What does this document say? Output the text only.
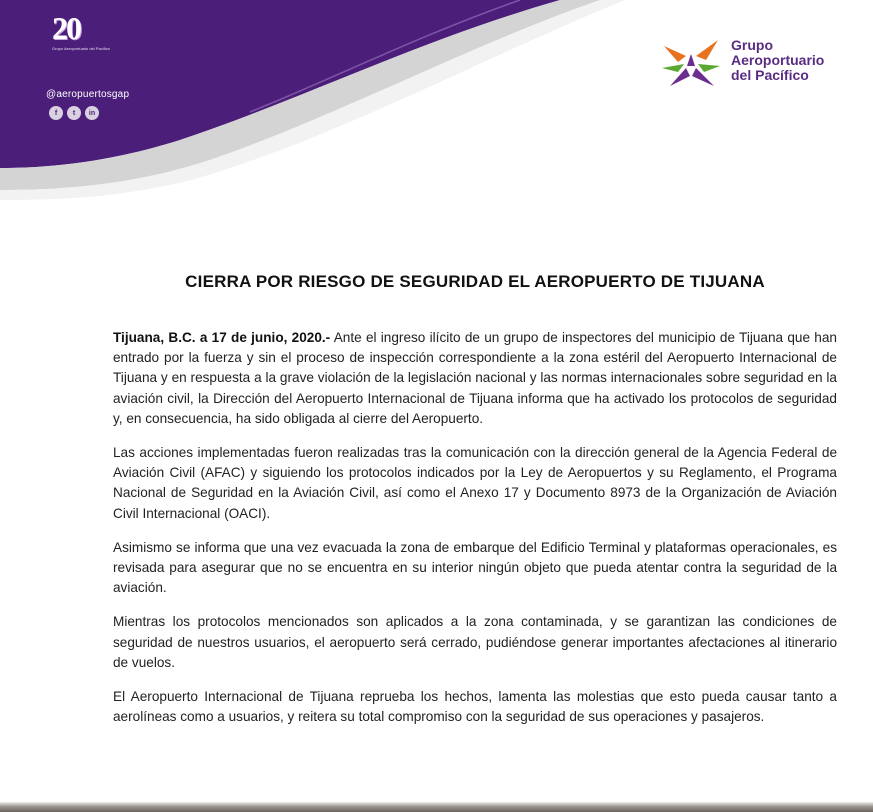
20
Grupo Aeroportuario del Pacífico
@aeropuertosgap
f	t	in
Grupo
Aeroportuario
del Pacífico
CIERRA POR RIESGO DE SEGURIDAD EL AEROPUERTO DE TIJUANA

Tijuana, B.C. a 17 de junio, 2020.- Ante el ingreso ilícito de un grupo de inspectores del municipio de Tijuana que han entrado por la fuerza y sin el proceso de inspección correspondiente a la zona estéril del Aeropuerto Internacional de Tijuana y en respuesta a la grave violación de la legislación nacional y las normas internacionales sobre seguridad en la aviación civil, la Dirección del Aeropuerto Internacional de Tijuana informa que ha activado los protocolos de seguridad y, en consecuencia, ha sido obligada al cierre del Aeropuerto.

Las acciones implementadas fueron realizadas tras la comunicación con la dirección general de la Agencia Federal de Aviación Civil (AFAC) y siguiendo los protocolos indicados por la Ley de Aeropuertos y su Reglamento, el Programa Nacional de Seguridad en la Aviación Civil, así como el Anexo 17 y Documento 8973 de la Organización de Aviación Civil Internacional (OACI).

Asimismo se informa que una vez evacuada la zona de embarque del Edificio Terminal y plataformas operacionales, es revisada para asegurar que no se encuentra en su interior ningún objeto que pueda atentar contra la seguridad de la aviación.

Mientras los protocolos mencionados son aplicados a la zona contaminada, y se garantizan las condiciones de seguridad de nuestros usuarios, el aeropuerto será cerrado, pudiéndose generar importantes afectaciones al itinerario de vuelos.

El Aeropuerto Internacional de Tijuana reprueba los hechos, lamenta las molestias que esto pueda causar tanto a aerolíneas como a usuarios, y reitera su total compromiso con la seguridad de sus operaciones y pasajeros.
